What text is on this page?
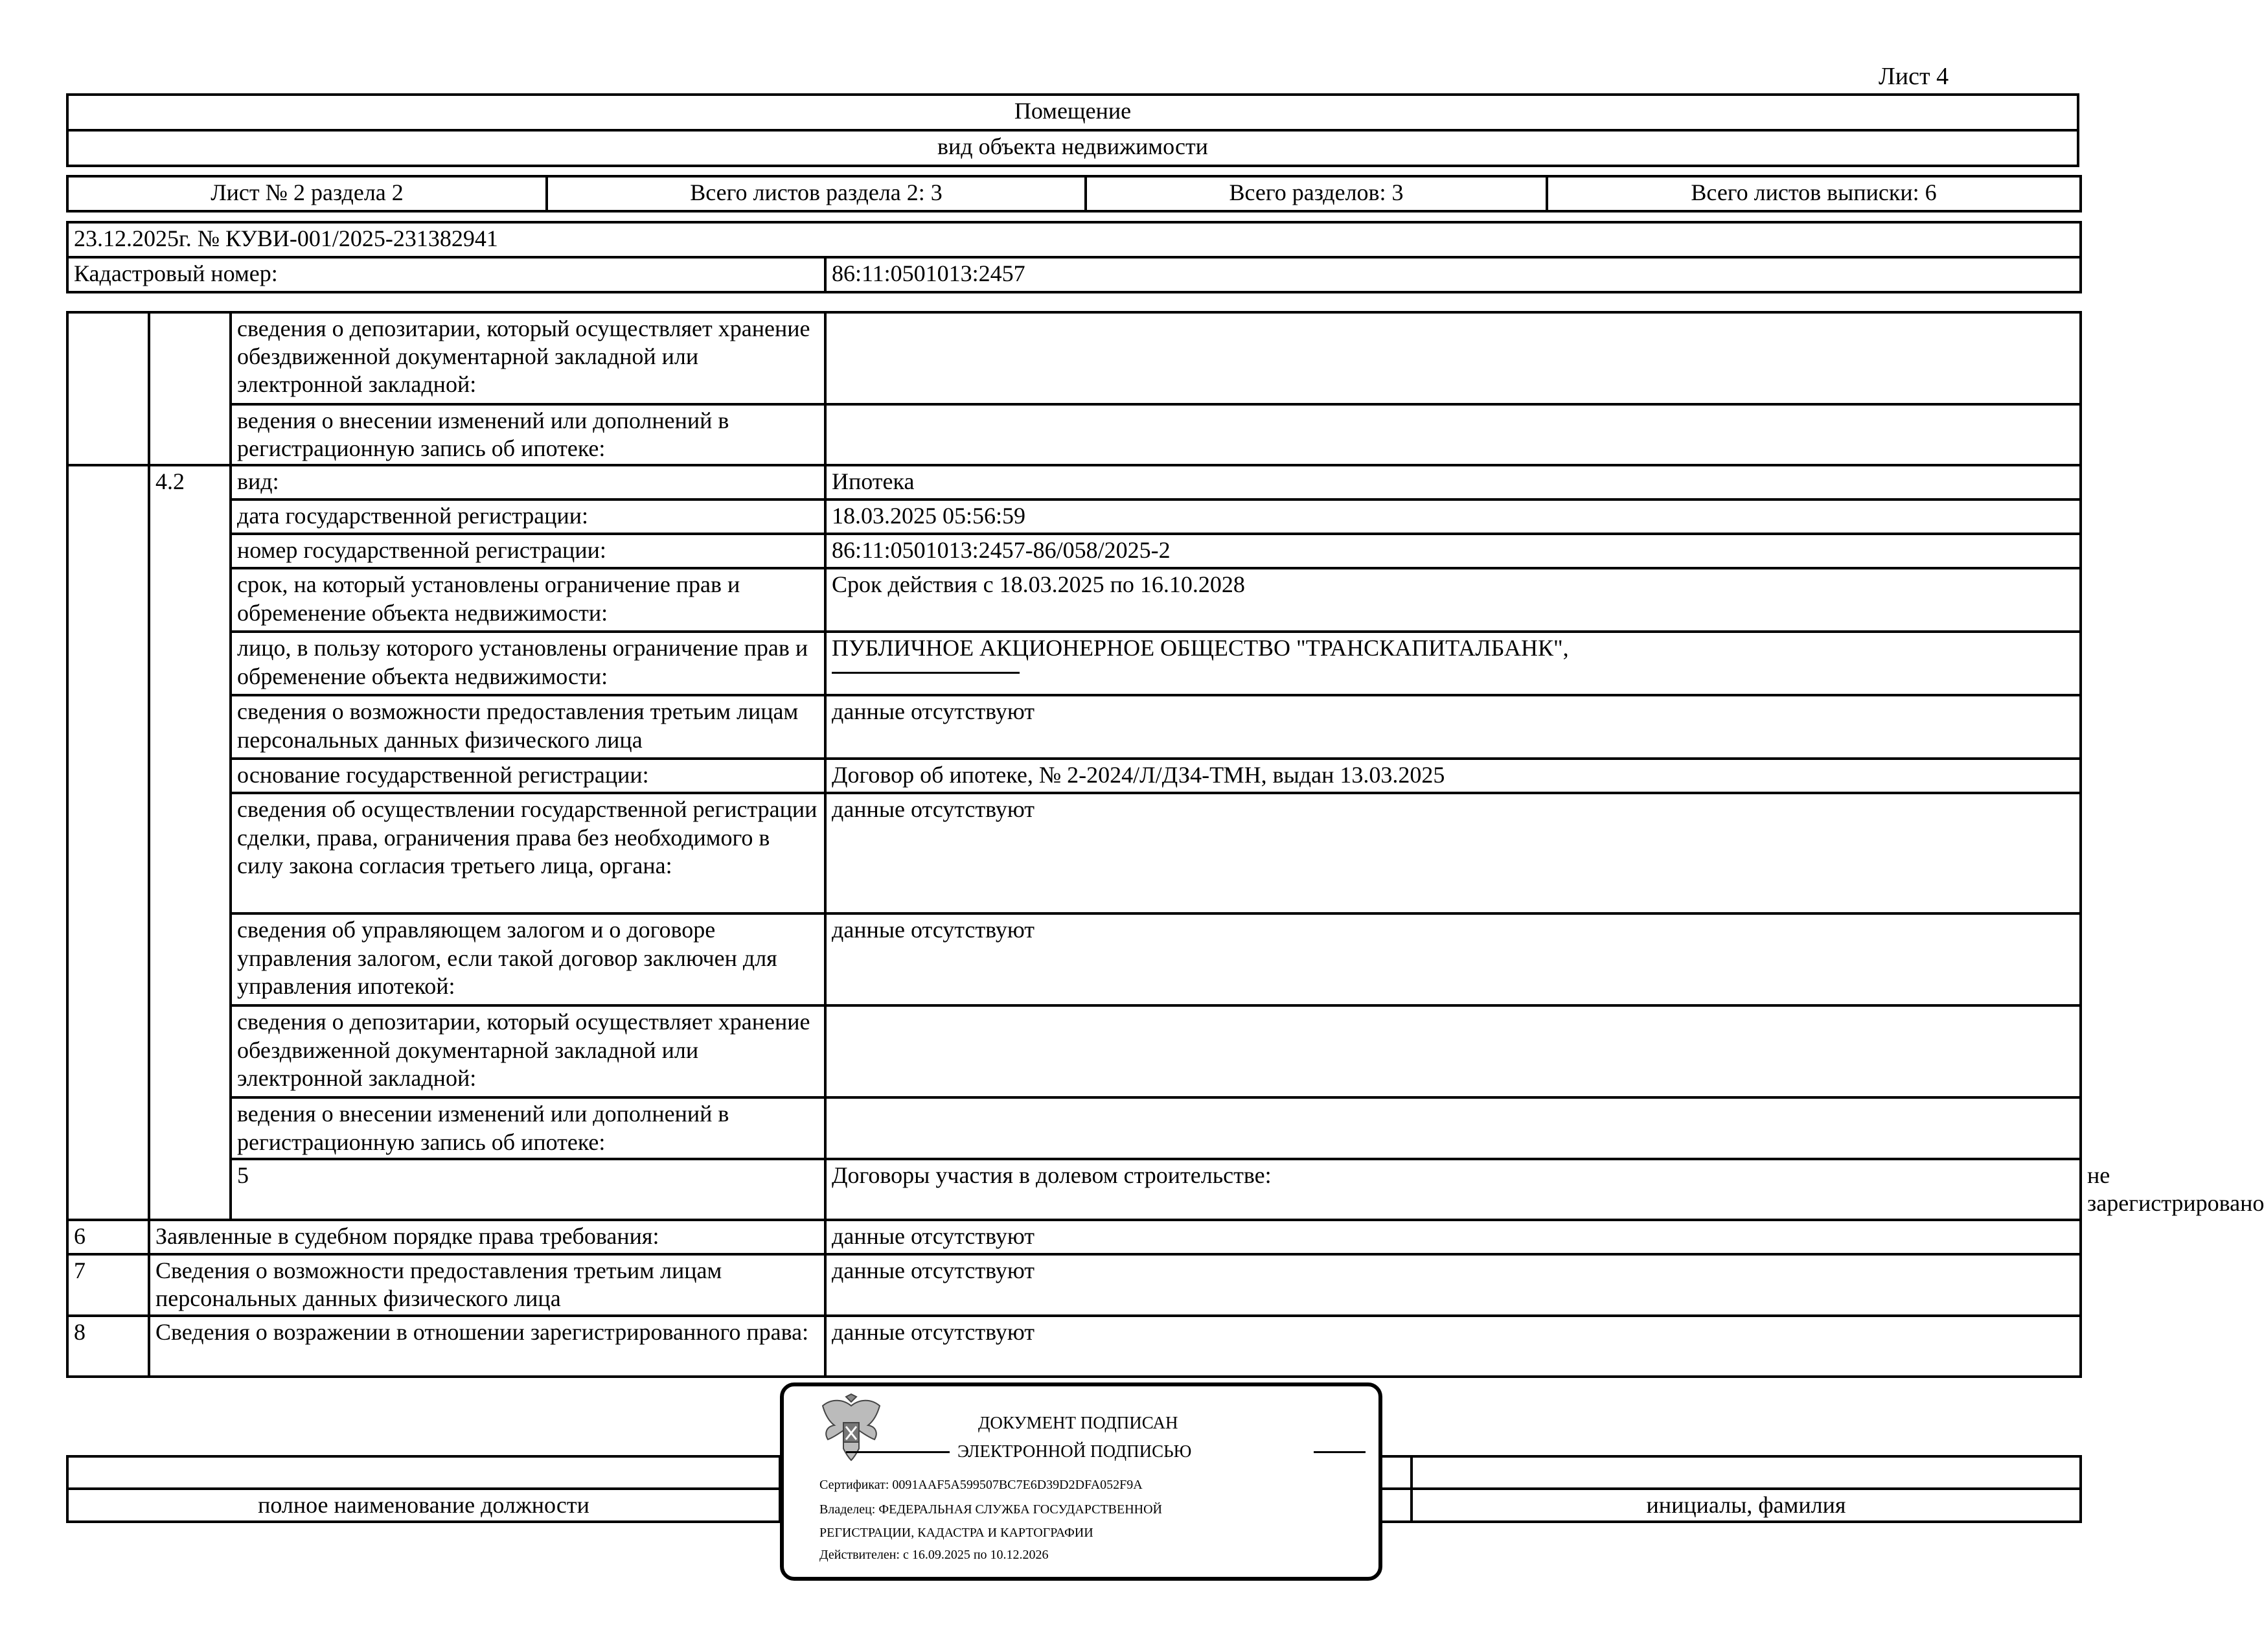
Лист 4
Помещение
вид объекта недвижимости
Лист № 2 раздела 2	Всего листов раздела 2: 3	Всего разделов: 3	Всего листов выписки: 6
23.12.2025г. № КУВИ-001/2025-231382941
Кадастровый номер:	86:11:0501013:2457
		сведения о депозитарии, который осуществляет хранение обездвиженной документарной закладной или электронной закладной:		
		ведения о внесении изменений или дополнений в регистрационную запись об ипотеке:		
	4.2	вид:	Ипотека	
		дата государственной регистрации:	18.03.2025 05:56:59	
		номер государственной регистрации:	86:11:0501013:2457-86/058/2025-2	
		срок, на который установлены ограничение прав и обременение объекта недвижимости:	Срок действия с 18.03.2025 по 16.10.2028	
		лицо, в пользу которого установлены ограничение прав и обременение объекта недвижимости:	ПУБЛИЧНОЕ АКЦИОНЕРНОЕ ОБЩЕСТВО "ТРАНСКАПИТАЛБАНК",	

		сведения о возможности предоставления третьим лицам персональных данных физического лица	данные отсутствуют	
		основание государственной регистрации:	Договор об ипотеке, № 2-2024/Л/ДЗ4-ТМН, выдан 13.03.2025	
		сведения об осуществлении государственной регистрации сделки, права, ограничения права без необходимого в силу закона согласия третьего лица, органа:	данные отсутствуют	
		сведения об управляющем залогом и о договоре управления залогом, если такой договор заключен для управления ипотекой:	данные отсутствуют	
		сведения о депозитарии, который осуществляет хранение обездвиженной документарной закладной или электронной закладной:		
		ведения о внесении изменений или дополнений в регистрационную запись об ипотеке:		
		5	Договоры участия в долевом строительстве:	не зарегистрировано
6	Заявленные в судебном порядке права требования:		данные отсутствуют	
7	Сведения о возможности предоставления третьим лицам персональных данных физического лица		данные отсутствуют	
8	Сведения о возражении в отношении зарегистрированного права:		данные отсутствуют	

полное наименование должности		инициалы, фамилия
ДОКУМЕНТ ПОДПИСАН
ЭЛЕКТРОННОЙ ПОДПИСЬЮ
Сертификат: 0091AAF5A599507BC7E6D39D2DFA052F9A
Владелец: ФЕДЕРАЛЬНАЯ СЛУЖБА ГОСУДАРСТВЕННОЙ
РЕГИСТРАЦИИ, КАДАСТРА И КАРТОГРАФИИ
Действителен: с 16.09.2025 по 10.12.2026
